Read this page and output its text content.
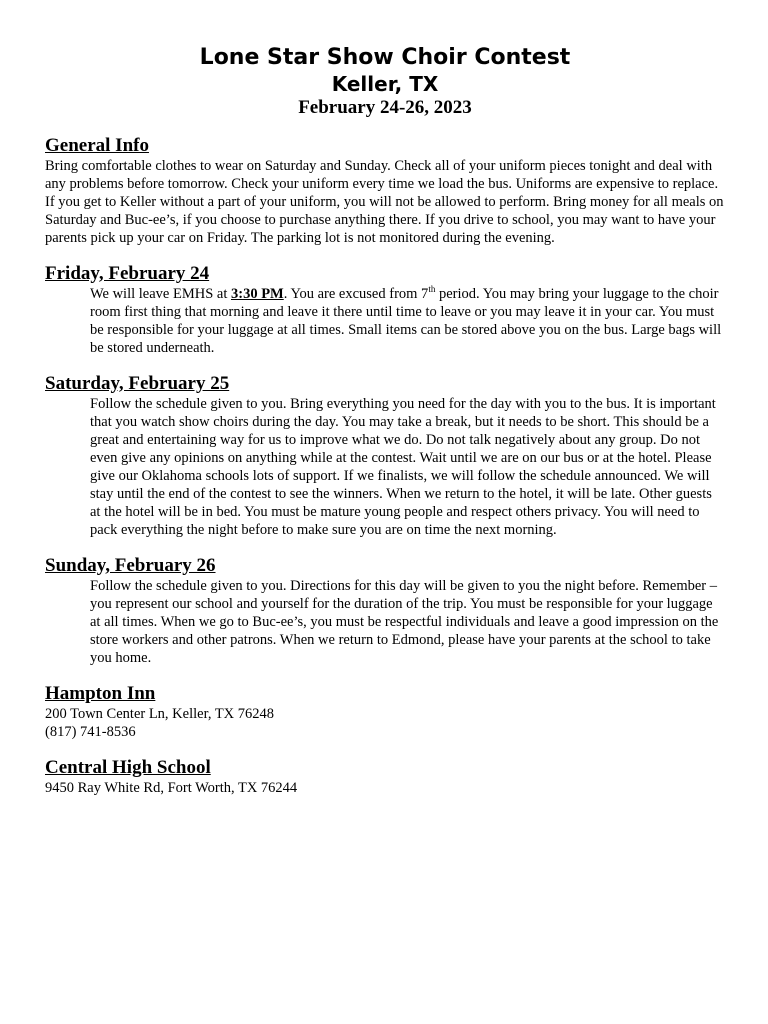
Lone Star Show Choir Contest
Keller, TX
February 24-26, 2023
General Info

Bring comfortable clothes to wear on Saturday and Sunday. Check all of your uniform pieces tonight and deal with any problems before tomorrow. Check your uniform every time we load the bus. Uniforms are expensive to replace. If you get to Keller without a part of your uniform, you will not be allowed to perform. Bring money for all meals on Saturday and Buc-ee’s, if you choose to purchase anything there. If you drive to school, you may want to have your parents pick up your car on Friday. The parking lot is not monitored during the evening.

Friday, February 24

We will leave EMHS at 3:30 PM. You are excused from 7th period. You may bring your luggage to the choir room first thing that morning and leave it there until time to leave or you may leave it in your car. You must be responsible for your luggage at all times. Small items can be stored above you on the bus. Large bags will be stored underneath.

Saturday, February 25

Follow the schedule given to you. Bring everything you need for the day with you to the bus. It is important that you watch show choirs during the day. You may take a break, but it needs to be short. This should be a great and entertaining way for us to improve what we do. Do not talk negatively about any group. Do not even give any opinions on anything while at the contest. Wait until we are on our bus or at the hotel. Please give our Oklahoma schools lots of support. If we finalists, we will follow the schedule announced. We will stay until the end of the contest to see the winners. When we return to the hotel, it will be late. Other guests at the hotel will be in bed. You must be mature young people and respect others privacy. You will need to pack everything the night before to make sure you are on time the next morning.

Sunday, February 26

Follow the schedule given to you. Directions for this day will be given to you the night before. Remember – you represent our school and yourself for the duration of the trip. You must be responsible for your luggage at all times. When we go to Buc-ee’s, you must be respectful individuals and leave a good impression on the store workers and other patrons. When we return to Edmond, please have your parents at the school to take you home.

Hampton Inn

200 Town Center Ln, Keller, TX 76248

(817) 741-8536

Central High School

9450 Ray White Rd, Fort Worth, TX 76244
